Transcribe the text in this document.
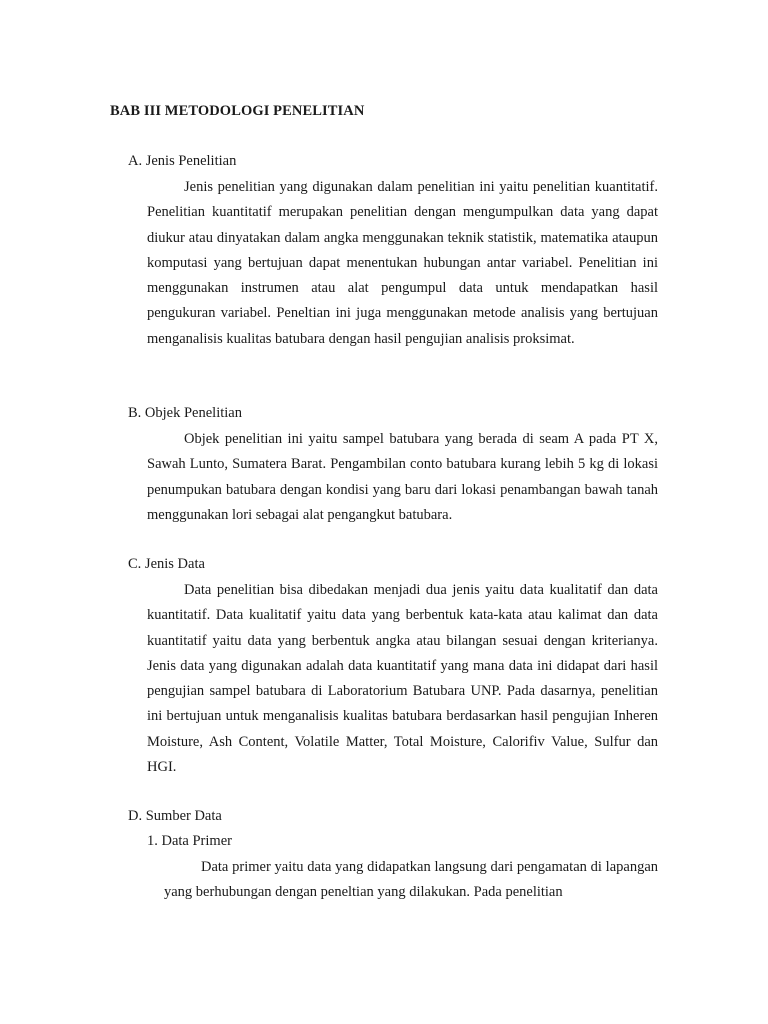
BAB III METODOLOGI PENELITIAN
A. Jenis Penelitian
Jenis penelitian yang digunakan dalam penelitian ini yaitu penelitian kuantitatif. Penelitian kuantitatif merupakan penelitian dengan mengumpulkan data yang dapat diukur atau dinyatakan dalam angka menggunakan teknik statistik, matematika ataupun komputasi yang bertujuan dapat menentukan hubungan antar variabel. Penelitian ini menggunakan instrumen atau alat pengumpul data untuk mendapatkan hasil pengukuran variabel. Peneltian ini juga menggunakan metode analisis yang bertujuan menganalisis kualitas batubara dengan hasil pengujian analisis proksimat.
B. Objek Penelitian
Objek penelitian ini yaitu sampel batubara yang berada di seam A pada PT X, Sawah Lunto, Sumatera Barat. Pengambilan conto batubara kurang lebih 5 kg di lokasi penumpukan batubara dengan kondisi yang baru dari lokasi penambangan bawah tanah menggunakan lori sebagai alat pengangkut batubara.
C. Jenis Data
Data penelitian bisa dibedakan menjadi dua jenis yaitu data kualitatif dan data kuantitatif. Data kualitatif yaitu data yang berbentuk kata-kata atau kalimat dan data kuantitatif yaitu data yang berbentuk angka atau bilangan sesuai dengan kriterianya. Jenis data yang digunakan adalah data kuantitatif yang mana data ini didapat dari hasil pengujian sampel batubara di Laboratorium Batubara UNP. Pada dasarnya, penelitian ini bertujuan untuk menganalisis kualitas batubara berdasarkan hasil pengujian Inheren Moisture, Ash Content, Volatile Matter, Total Moisture, Calorifiv Value, Sulfur dan HGI.
D. Sumber Data
1. Data Primer
Data primer yaitu data yang didapatkan langsung dari pengamatan di lapangan yang berhubungan dengan peneltian yang dilakukan. Pada penelitian
